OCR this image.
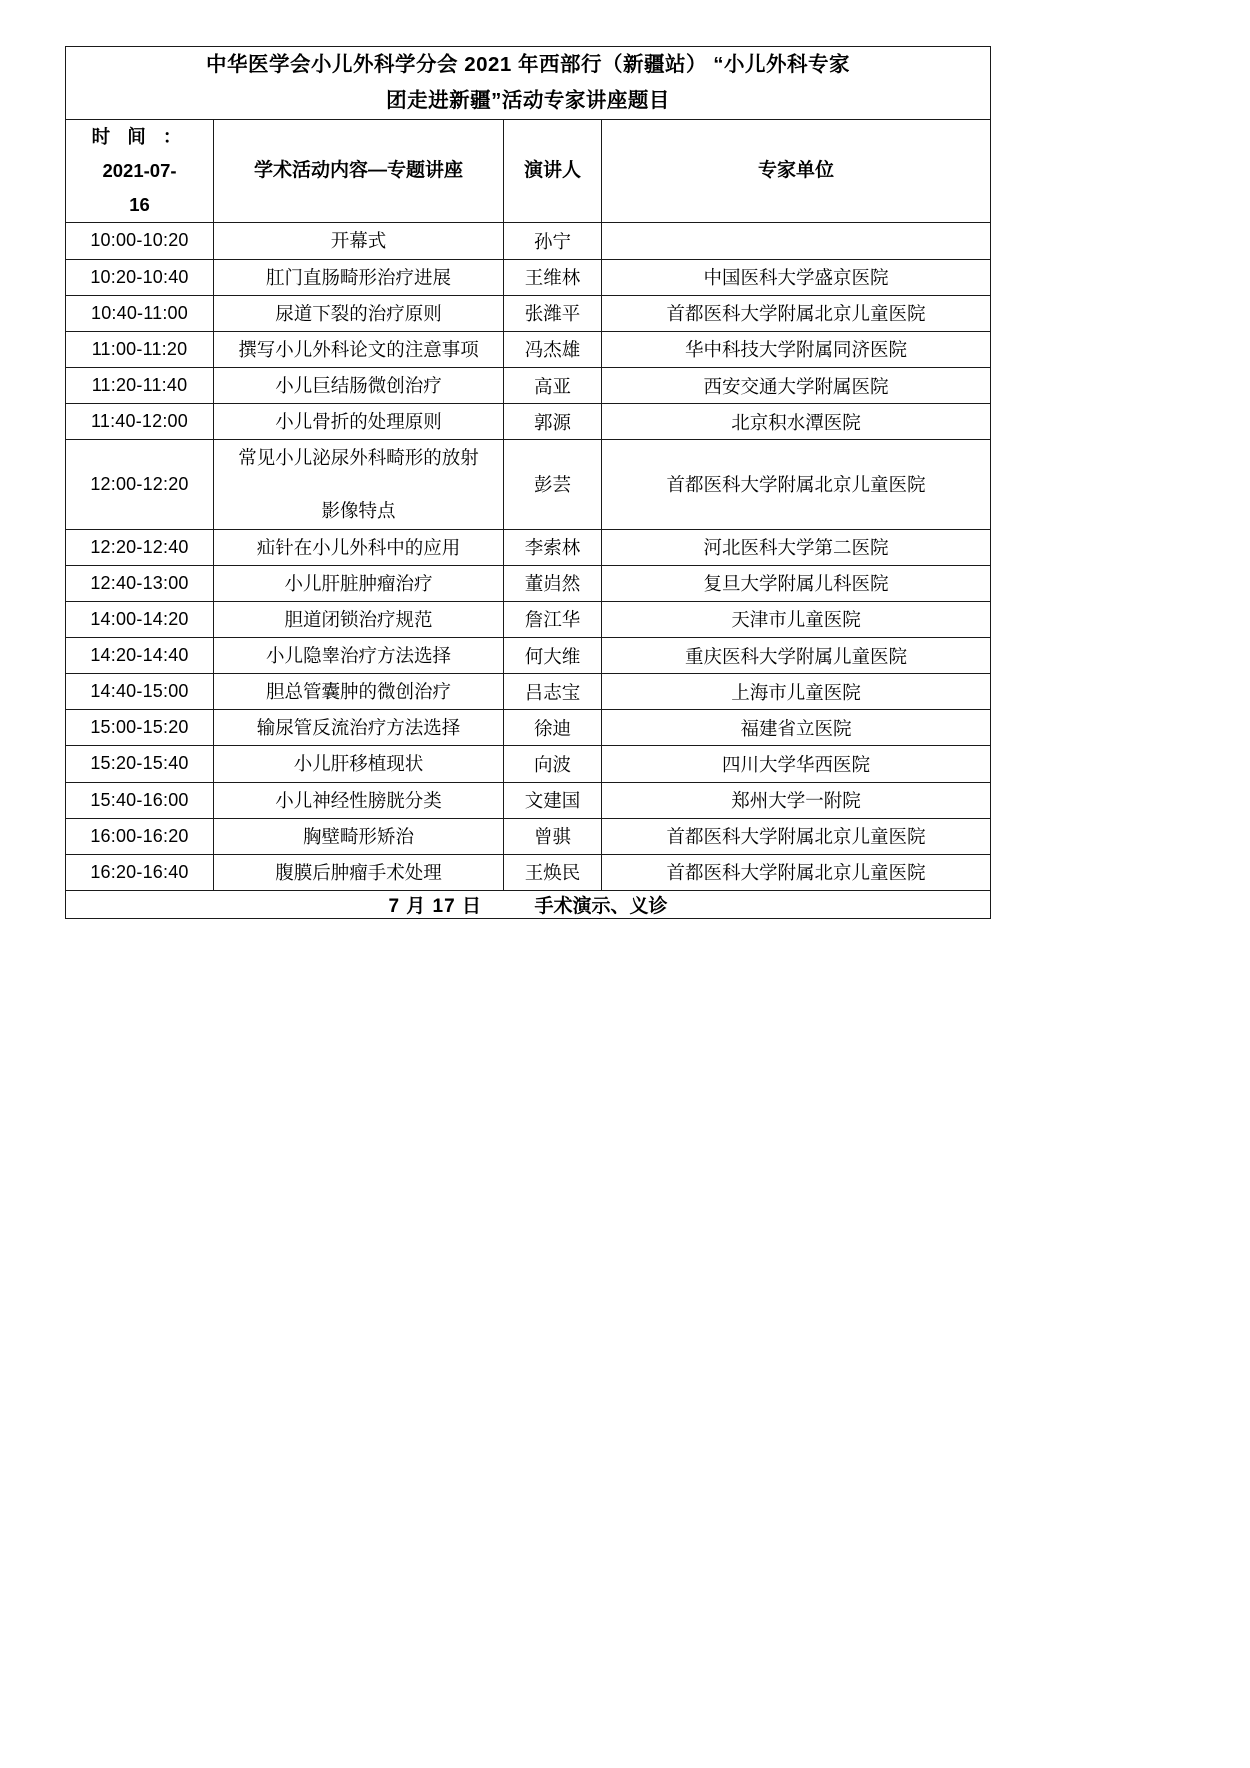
中华医学会小儿外科学分会 2021 年西部行（新疆站） “小儿外科专家
团走进新疆”活动专家讲座题目			

时 间 ：
2021-07-
16	学术活动内容—专题讲座	演讲人	专家单位
10:00-10:20	开幕式	孙宁	
10:20-10:40	肛门直肠畸形治疗进展	王维林	中国医科大学盛京医院
10:40-11:00	尿道下裂的治疗原则	张潍平	首都医科大学附属北京儿童医院
11:00-11:20	撰写小儿外科论文的注意事项	冯杰雄	华中科技大学附属同济医院
11:20-11:40	小儿巨结肠微创治疗	高亚	西安交通大学附属医院
11:40-12:00	小儿骨折的处理原则	郭源	北京积水潭医院
12:00-12:20	常见小儿泌尿外科畸形的放射
影像特点	彭芸	首都医科大学附属北京儿童医院
12:20-12:40	疝针在小儿外科中的应用	李索林	河北医科大学第二医院
12:40-13:00	小儿肝脏肿瘤治疗	董岿然	复旦大学附属儿科医院
14:00-14:20	胆道闭锁治疗规范	詹江华	天津市儿童医院
14:20-14:40	小儿隐睾治疗方法选择	何大维	重庆医科大学附属儿童医院
14:40-15:00	胆总管囊肿的微创治疗	吕志宝	上海市儿童医院
15:00-15:20	输尿管反流治疗方法选择	徐迪	福建省立医院
15:20-15:40	小儿肝移植现状	向波	四川大学华西医院
15:40-16:00	小儿神经性膀胱分类	文建国	郑州大学一附院
16:00-16:20	胸壁畸形矫治	曾骐	首都医科大学附属北京儿童医院
16:20-16:40	腹膜后肿瘤手术处理	王焕民	首都医科大学附属北京儿童医院
7 月 17 日 手术演示、义诊			
